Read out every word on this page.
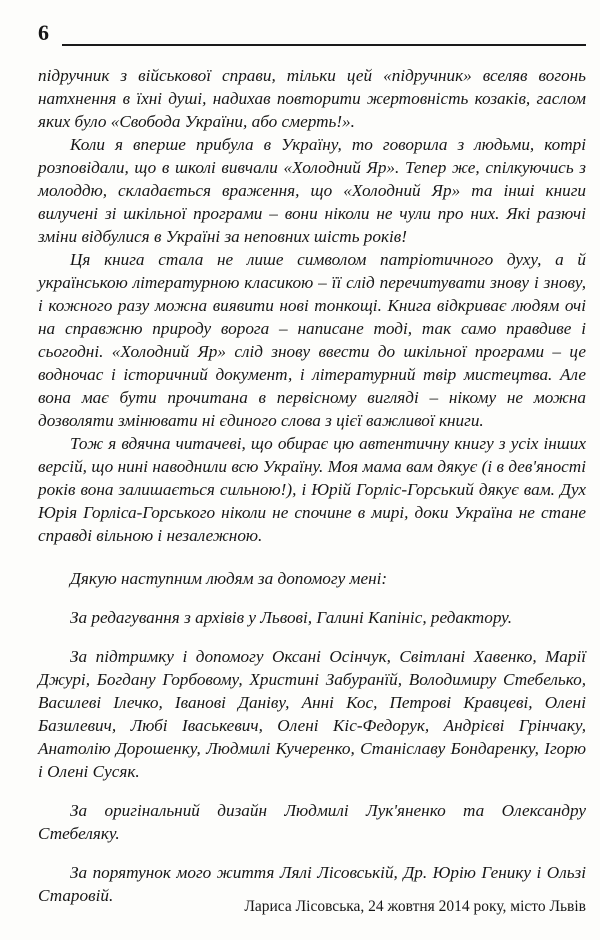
6

підручник з військової справи, тільки цей «підручник» вселяв вогонь натхнення в їхні душі, надихав повторити жертовність козаків, гаслом яких було «Свобода України, або смерть!».

Коли я вперше прибула в Україну, то говорила з людьми, котрі розповідали, що в школі вивчали «Холодний Яр». Тепер же, спілкуючись з молоддю, складається враження, що «Холодний Яр» та інші книги вилучені зі шкільної програми – вони ніколи не чули про них. Які разючі зміни відбулися в Україні за неповних шість років!

Ця книга стала не лише символом патріотичного духу, а й українською літературною класикою – її слід перечитувати знову і знову, і кожного разу можна виявити нові тонкощі. Книга відкриває людям очі на справжню природу ворога – написане тоді, так само правдиве і сьогодні. «Холодний Яр» слід знову ввести до шкільної програми – це водночас і історичний документ, і літературний твір мистецтва. Але вона має бути прочитана в первісному вигляді – нікому не можна дозволяти змінювати ні єдиного слова з цієї важливої книги.

Тож я вдячна читачеві, що обирає цю автентичну книгу з усіх інших версій, що нині наводнили всю Україну. Моя мама вам дякує (і в дев'яності років вона залишається сильною!), і Юрій Горліс-Горський дякує вам. Дух Юрія Горліса-Горського ніколи не спочине в мирі, доки Україна не стане справді вільною і незалежною.

Дякую наступним людям за допомогу мені:

За редагування з архівів у Львові, Галині Капініс, редактору.

За підтримку і допомогу Оксані Осінчук, Світлані Хавенко, Марії Джурі, Богдану Горбовому, Христині Забуранїй, Володимиру Стебелько, Василеві Ілечко, Іванові Даніву, Анні Кос, Петрові Кравцеві, Олені Базилевич, Любі Іваськевич, Олені Кіс-Федорук, Андрієві Грінчаку, Анатолію Дорошенку, Людмилі Кучеренко, Станіславу Бондаренку, Ігорю і Олені Сусяк.

За оригінальний дизайн Людмилі Лук'яненко та Олександру Стебеляку.

За порятунок мого життя Лялі Лісовській, Др. Юрію Генику і Ользі Старовій.

Лариса Лісовська, 24 жовтня 2014 року, місто Львів
